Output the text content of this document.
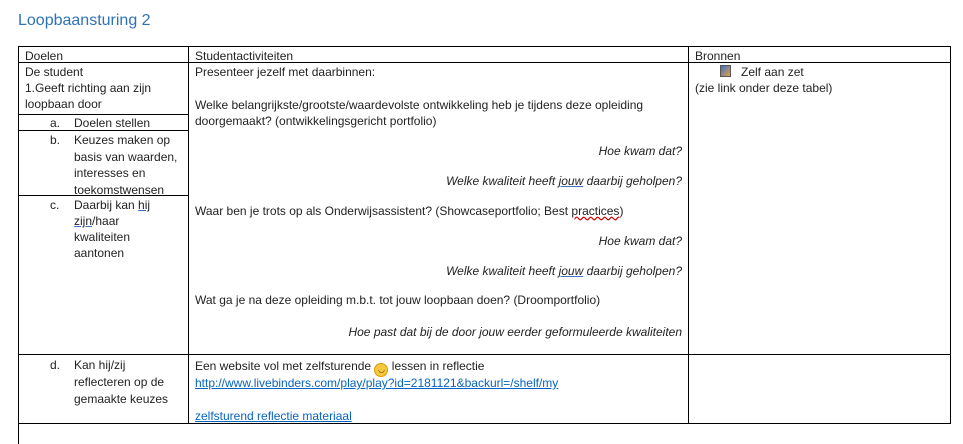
Loopbaansturing 2
Doelen	Studentactiviteiten	Bronnen
De student
1.Geeft richting aan zijn
loopbaan door
a. Doelen stellen
b. Keuzes maken op
basis van waarden,
interesses en
toekomstwensen
c. Daarbij kan hij
zijn/haar
kwaliteiten
aantonen
Presenteer jezelf met daarbinnen:
Welke belangrijkste/grootste/waardevolste ontwikkeling heb je tijdens deze opleiding
doorgemaakt? (ontwikkelingsgericht portfolio)
Hoe kwam dat?
Welke kwaliteit heeft jouw daarbij geholpen?
Waar ben je trots op als Onderwijsassistent? (Showcaseportfolio; Best practices)
Hoe kwam dat?
Welke kwaliteit heeft jouw daarbij geholpen?
Wat ga je na deze opleiding m.b.t. tot jouw loopbaan doen? (Droomportfolio)
Hoe past dat bij de door jouw eerder geformuleerde kwaliteiten
Zelf aan zet
(zie link onder deze tabel)
d. Kan hij/zij
reflecteren op de
gemaakte keuzes
Een website vol met zelfsturende ◡ lessen in reflectie
http://www.livebinders.com/play/play?id=2181121&backurl=/shelf/my
zelfsturend reflectie materiaal
